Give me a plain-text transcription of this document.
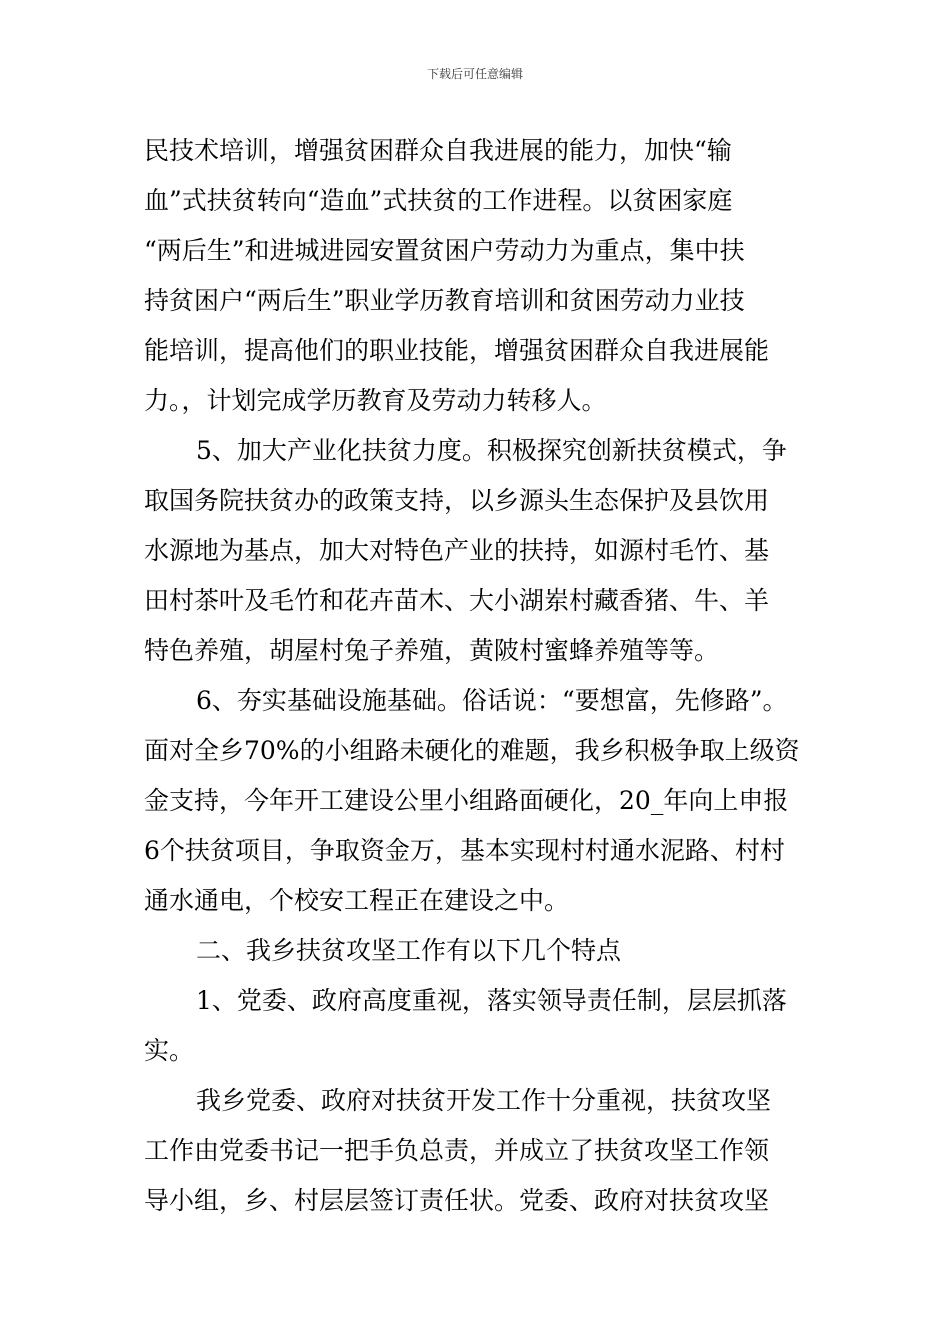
下载后可任意编辑
民技术培训，增强贫困群众自我进展的能力，加快“输
血”式扶贫转向“造血”式扶贫的工作进程。以贫困家庭
“两后生”和进城进园安置贫困户劳动力为重点，集中扶
持贫困户“两后生”职业学历教育培训和贫困劳动力业技
能培训，提高他们的职业技能，增强贫困群众自我进展能
力。，计划完成学历教育及劳动力转移人。
5、加大产业化扶贫力度。积极探究创新扶贫模式，争
取国务院扶贫办的政策支持，以乡源头生态保护及县饮用
水源地为基点，加大对特色产业的扶持，如源村毛竹、基
田村茶叶及毛竹和花卉苗木、大小湖岽村藏香猪、牛、羊
特色养殖，胡屋村兔子养殖，黄陂村蜜蜂养殖等等。
6、夯实基础设施基础。俗话说：“要想富，先修路”。
面对全乡70%的小组路未硬化的难题，我乡积极争取上级资
金支持，今年开工建设公里小组路面硬化，20_年向上申报
6个扶贫项目，争取资金万，基本实现村村通水泥路、村村
通水通电，个校安工程正在建设之中。
二、我乡扶贫攻坚工作有以下几个特点
1、党委、政府高度重视，落实领导责任制，层层抓落
实。
我乡党委、政府对扶贫开发工作十分重视，扶贫攻坚
工作由党委书记一把手负总责，并成立了扶贫攻坚工作领
导小组，乡、村层层签订责任状。党委、政府对扶贫攻坚
